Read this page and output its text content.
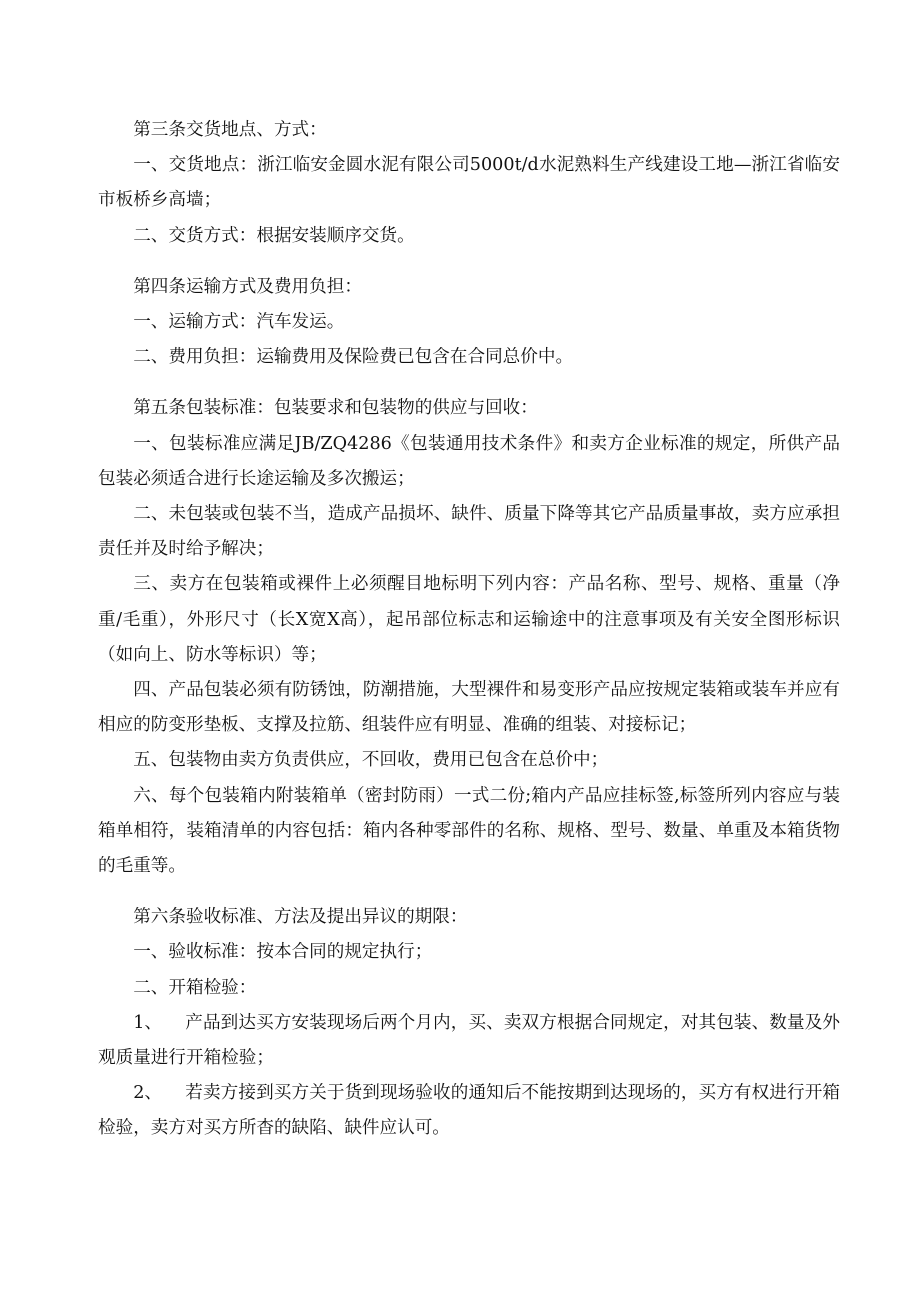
第三条交货地点、方式：

一、交货地点：浙江临安金圆水泥有限公司5000t/d水泥熟料生产线建设工地—浙江省临安市板桥乡高墙；

二、交货方式：根据安装顺序交货。

第四条运输方式及费用负担：

一、运输方式：汽车发运。

二、费用负担：运输费用及保险费已包含在合同总价中。

第五条包装标准：包装要求和包装物的供应与回收：

一、包装标准应满足JB/ZQ4286《包装通用技术条件》和卖方企业标准的规定，所供产品包装必须适合进行长途运输及多次搬运；

二、未包装或包装不当，造成产品损坏、缺件、质量下降等其它产品质量事故，卖方应承担责任并及时给予解决；

三、卖方在包装箱或裸件上必须醒目地标明下列内容：产品名称、型号、规格、重量（净重/毛重），外形尺寸（长X宽X高），起吊部位标志和运输途中的注意事项及有关安全图形标识（如向上、防水等标识）等；

四、产品包装必须有防锈蚀，防潮措施，大型裸件和易变形产品应按规定装箱或装车并应有相应的防变形垫板、支撑及拉筋、组装件应有明显、准确的组装、对接标记；

五、包装物由卖方负责供应，不回收，费用已包含在总价中；

六、每个包装箱内附装箱单（密封防雨）一式二份;箱内产品应挂标签,标签所列内容应与装箱单相符，装箱清单的内容包括：箱内各种零部件的名称、规格、型号、数量、单重及本箱货物的毛重等。

第六条验收标准、方法及提出异议的期限：

一、验收标准：按本合同的规定执行；

二、开箱检验：

1、 产品到达买方安装现场后两个月内，买、卖双方根据合同规定，对其包装、数量及外观质量进行开箱检验；

2、 若卖方接到买方关于货到现场验收的通知后不能按期到达现场的，买方有权进行开箱检验，卖方对买方所杳的缺陷、缺件应认可。
